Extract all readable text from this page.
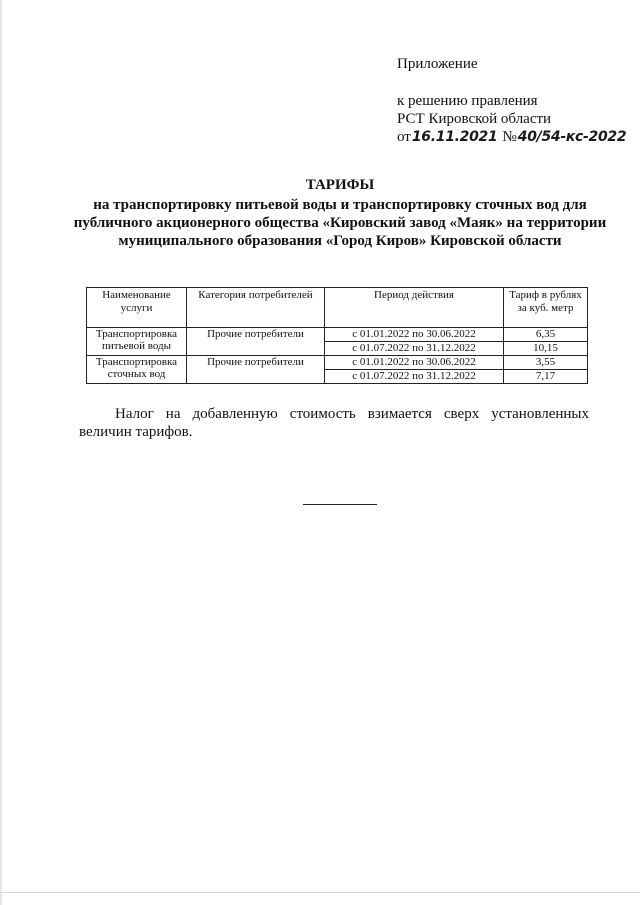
Приложение
к решению правления
РСТ Кировской области
от 16.11.2021 № 40/54-кс-2022
ТАРИФЫ
на транспортировку питьевой воды и транспортировку сточных вод для публичного акционерного общества «Кировский завод «Маяк» на территории муниципального образования «Город Киров» Кировской области
Наименование услуги	Категория потребителей	Период действия	Тариф в рублях за куб. метр
Транспортировка питьевой воды	Прочие потребители	с 01.01.2022 по 30.06.2022	6,35
		с 01.07.2022 по 31.12.2022	10,15
Транспортировка сточных вод	Прочие потребители	с 01.01.2022 по 30.06.2022	3,55
		с 01.07.2022 по 31.12.2022	7,17
Налог на добавленную стоимость взимается сверх установленных величин тарифов.
